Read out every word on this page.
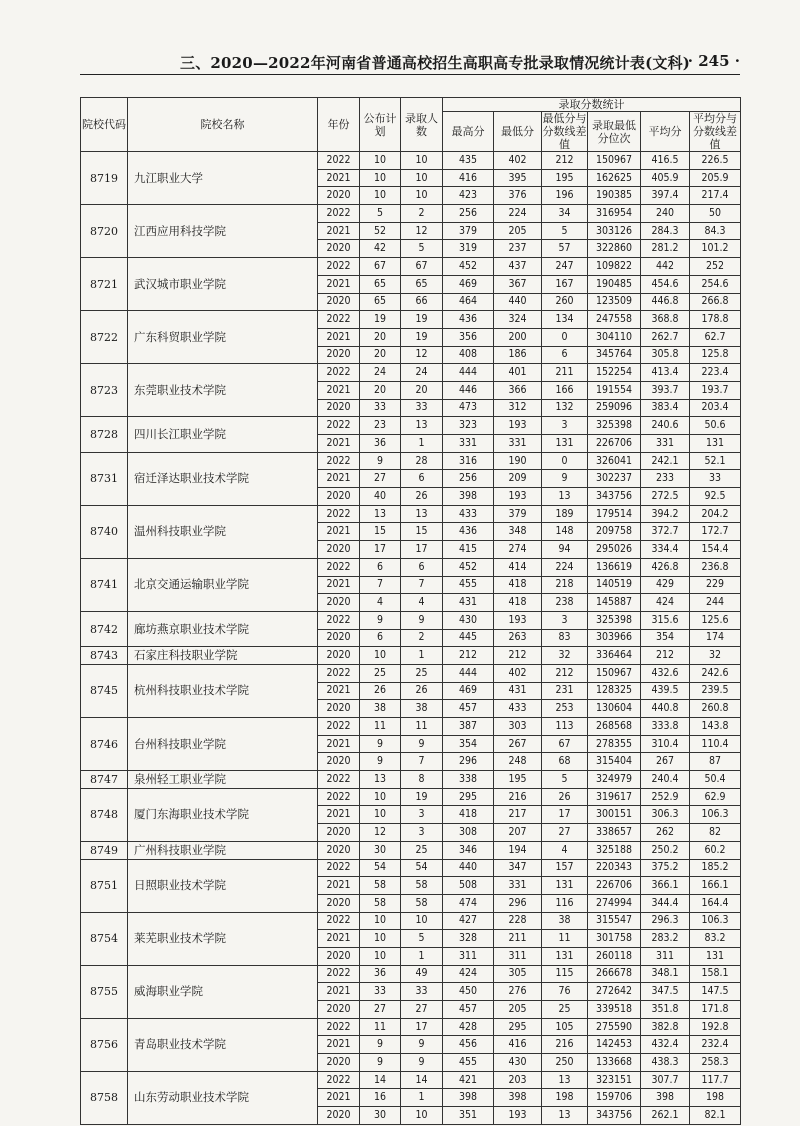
三、2020—2022年河南省普通高校招生高职高专批录取情况统计表(文科)
· 245 ·
院校代码	院校名称	年份	公布计划	录取人数	录取分数统计					
					最高分	最低分	最低分与分数线差值	录取最低分位次	平均分	平均分与分数线差值
8719	九江职业大学	2022	10	10	435	402	212	150967	416.5	226.5
		2021	10	10	416	395	195	162625	405.9	205.9
		2020	10	10	423	376	196	190385	397.4	217.4
8720	江西应用科技学院	2022	5	2	256	224	34	316954	240	50
		2021	52	12	379	205	5	303126	284.3	84.3
		2020	42	5	319	237	57	322860	281.2	101.2
8721	武汉城市职业学院	2022	67	67	452	437	247	109822	442	252
		2021	65	65	469	367	167	190485	454.6	254.6
		2020	65	66	464	440	260	123509	446.8	266.8
8722	广东科贸职业学院	2022	19	19	436	324	134	247558	368.8	178.8
		2021	20	19	356	200	0	304110	262.7	62.7
		2020	20	12	408	186	6	345764	305.8	125.8
8723	东莞职业技术学院	2022	24	24	444	401	211	152254	413.4	223.4
		2021	20	20	446	366	166	191554	393.7	193.7
		2020	33	33	473	312	132	259096	383.4	203.4
8728	四川长江职业学院	2022	23	13	323	193	3	325398	240.6	50.6
		2021	36	1	331	331	131	226706	331	131
8731	宿迁泽达职业技术学院	2022	9	28	316	190	0	326041	242.1	52.1
		2021	27	6	256	209	9	302237	233	33
		2020	40	26	398	193	13	343756	272.5	92.5
8740	温州科技职业学院	2022	13	13	433	379	189	179514	394.2	204.2
		2021	15	15	436	348	148	209758	372.7	172.7
		2020	17	17	415	274	94	295026	334.4	154.4
8741	北京交通运输职业学院	2022	6	6	452	414	224	136619	426.8	236.8
		2021	7	7	455	418	218	140519	429	229
		2020	4	4	431	418	238	145887	424	244
8742	廊坊燕京职业技术学院	2022	9	9	430	193	3	325398	315.6	125.6
		2020	6	2	445	263	83	303966	354	174
8743	石家庄科技职业学院	2020	10	1	212	212	32	336464	212	32
8745	杭州科技职业技术学院	2022	25	25	444	402	212	150967	432.6	242.6
		2021	26	26	469	431	231	128325	439.5	239.5
		2020	38	38	457	433	253	130604	440.8	260.8
8746	台州科技职业学院	2022	11	11	387	303	113	268568	333.8	143.8
		2021	9	9	354	267	67	278355	310.4	110.4
		2020	9	7	296	248	68	315404	267	87
8747	泉州轻工职业学院	2022	13	8	338	195	5	324979	240.4	50.4
8748	厦门东海职业技术学院	2022	10	19	295	216	26	319617	252.9	62.9
		2021	10	3	418	217	17	300151	306.3	106.3
		2020	12	3	308	207	27	338657	262	82
8749	广州科技职业学院	2020	30	25	346	194	4	325188	250.2	60.2
8751	日照职业技术学院	2022	54	54	440	347	157	220343	375.2	185.2
		2021	58	58	508	331	131	226706	366.1	166.1
		2020	58	58	474	296	116	274994	344.4	164.4
8754	莱芜职业技术学院	2022	10	10	427	228	38	315547	296.3	106.3
		2021	10	5	328	211	11	301758	283.2	83.2
		2020	10	1	311	311	131	260118	311	131
8755	威海职业学院	2022	36	49	424	305	115	266678	348.1	158.1
		2021	33	33	450	276	76	272642	347.5	147.5
		2020	27	27	457	205	25	339518	351.8	171.8
8756	青岛职业技术学院	2022	11	17	428	295	105	275590	382.8	192.8
		2021	9	9	456	416	216	142453	432.4	232.4
		2020	9	9	455	430	250	133668	438.3	258.3
8758	山东劳动职业技术学院	2022	14	14	421	203	13	323151	307.7	117.7
		2021	16	1	398	398	198	159706	398	198
		2020	30	10	351	193	13	343756	262.1	82.1
